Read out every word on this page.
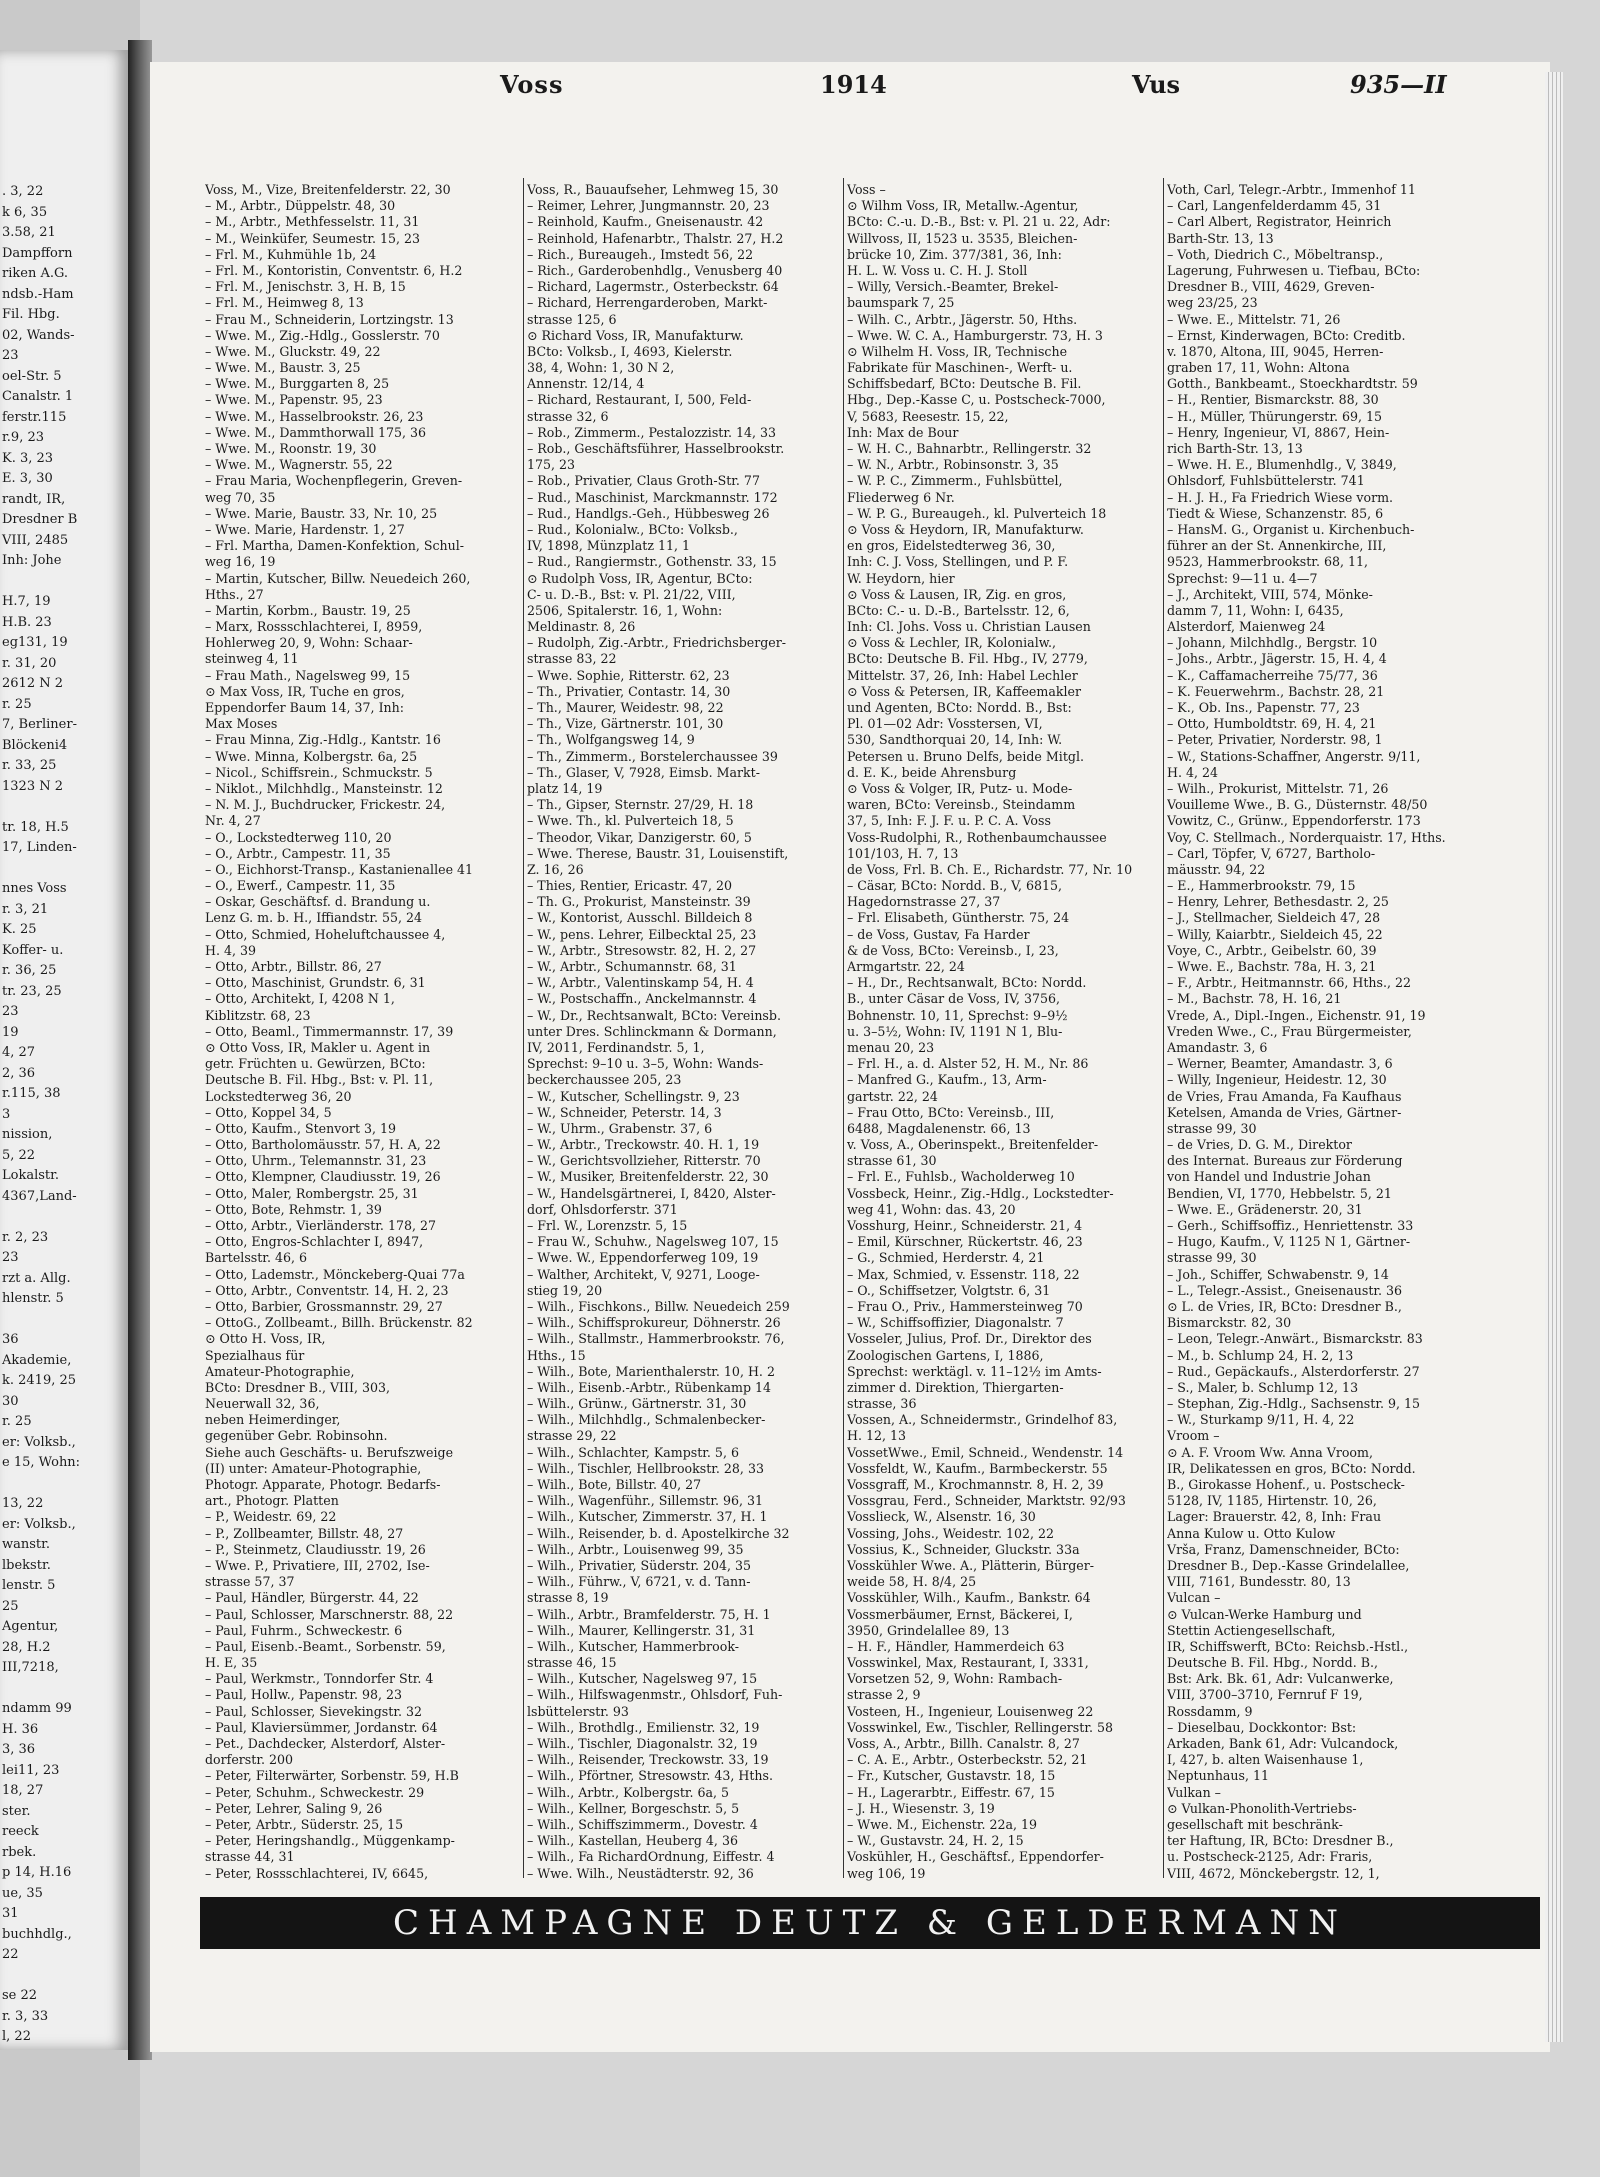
. 3, 22
k 6, 35
3.58, 21
Dampfforn
riken A.G.
ndsb.-Ham
Fil. Hbg.
02, Wands-
23
oel-Str. 5
Canalstr. 1
ferstr.115
r.9, 23
K. 3, 23
E. 3, 30
randt, IR,
Dresdner B
VIII, 2485
Inh: Johe

H.7, 19
H.B. 23
eg131, 19
r. 31, 20
2612 N 2
r. 25
7, Berliner-
Blöckeni4
r. 33, 25
1323 N 2

tr. 18, H.5
17, Linden-

nnes Voss
r. 3, 21
K. 25
Koffer- u.
r. 36, 25
tr. 23, 25
23
19
4, 27
2, 36
r.115, 38
3
nission,
5, 22
Lokalstr.
4367,Land-

r. 2, 23
23
rzt a. Allg.
hlenstr. 5

36
Akademie,
k. 2419, 25
30
r. 25
er: Volksb.,
e 15, Wohn:

13, 22
er: Volksb.,
wanstr.
lbekstr.
lenstr. 5
25
Agentur,
28, H.2
III,7218,

ndamm 99
H. 36
3, 36
lei11, 23
18, 27
ster.
reeck
rbek.
p 14, H.16
ue, 35
31
buchhdlg.,
22

se 22
r. 3, 33
l, 22

Voss	1914	Vus	935—II
Voss, M., Vize, Breitenfelderstr. 22, 30
– M., Arbtr., Düppelstr. 48, 30
– M., Arbtr., Methfesselstr. 11, 31
– M., Weinküfer, Seumestr. 15, 23
– Frl. M., Kuhmühle 1b, 24
– Frl. M., Kontoristin, Conventstr. 6, H.2
– Frl. M., Jenischstr. 3, H. B, 15
– Frl. M., Heimweg 8, 13
– Frau M., Schneiderin, Lortzingstr. 13
– Wwe. M., Zig.-Hdlg., Gosslerstr. 70
– Wwe. M., Gluckstr. 49, 22
– Wwe. M., Baustr. 3, 25
– Wwe. M., Burggarten 8, 25
– Wwe. M., Papenstr. 95, 23
– Wwe. M., Hasselbrookstr. 26, 23
– Wwe. M., Dammthorwall 175, 36
– Wwe. M., Roonstr. 19, 30
– Wwe. M., Wagnerstr. 55, 22
– Frau Maria, Wochenpflegerin, Greven-
weg 70, 35
– Wwe. Marie, Baustr. 33, Nr. 10, 25
– Wwe. Marie, Hardenstr. 1, 27
– Frl. Martha, Damen-Konfektion, Schul-
weg 16, 19
– Martin, Kutscher, Billw. Neuedeich 260,
Hths., 27
– Martin, Korbm., Baustr. 19, 25
– Marx, Rossschlachterei, I, 8959,
Hohlerweg 20, 9, Wohn: Schaar-
steinweg 4, 11
– Frau Math., Nagelsweg 99, 15
⊙ Max Voss, IR, Tuche en gros,
Eppendorfer Baum 14, 37, Inh:
Max Moses
– Frau Minna, Zig.-Hdlg., Kantstr. 16
– Wwe. Minna, Kolbergstr. 6a, 25
– Nicol., Schiffsrein., Schmuckstr. 5
– Niklot., Milchhdlg., Mansteinstr. 12
– N. M. J., Buchdrucker, Frickestr. 24,
Nr. 4, 27
– O., Lockstedterweg 110, 20
– O., Arbtr., Campestr. 11, 35
– O., Eichhorst-Transp., Kastanienallee 41
– O., Ewerf., Campestr. 11, 35
– Oskar, Geschäftsf. d. Brandung u.
Lenz G. m. b. H., Iffiandstr. 55, 24
– Otto, Schmied, Hoheluftchaussee 4,
H. 4, 39
– Otto, Arbtr., Billstr. 86, 27
– Otto, Maschinist, Grundstr. 6, 31
– Otto, Architekt, I, 4208 N 1,
Kiblitzstr. 68, 23
– Otto, Beaml., Timmermannstr. 17, 39
⊙ Otto Voss, IR, Makler u. Agent in
getr. Früchten u. Gewürzen, BCto:
Deutsche B. Fil. Hbg., Bst: v. Pl. 11,
Lockstedterweg 36, 20
– Otto, Koppel 34, 5
– Otto, Kaufm., Stenvort 3, 19
– Otto, Bartholomäusstr. 57, H. A, 22
– Otto, Uhrm., Telemannstr. 31, 23
– Otto, Klempner, Claudiusstr. 19, 26
– Otto, Maler, Rombergstr. 25, 31
– Otto, Bote, Rehmstr. 1, 39
– Otto, Arbtr., Vierländerstr. 178, 27
– Otto, Engros-Schlachter I, 8947,
Bartelsstr. 46, 6
– Otto, Lademstr., Mönckeberg-Quai 77a
– Otto, Arbtr., Conventstr. 14, H. 2, 23
– Otto, Barbier, Grossmannstr. 29, 27
– OttoG., Zollbeamt., Billh. Brückenstr. 82
⊙ Otto H. Voss, IR,
Spezialhaus für
Amateur-Photographie,
BCto: Dresdner B., VIII, 303,
Neuerwall 32, 36,
neben Heimerdinger,
gegenüber Gebr. Robinsohn.
Siehe auch Geschäfts- u. Berufszweige
(II) unter: Amateur-Photographie,
Photogr. Apparate, Photogr. Bedarfs-
art., Photogr. Platten
– P., Weidestr. 69, 22
– P., Zollbeamter, Billstr. 48, 27
– P., Steinmetz, Claudiusstr. 19, 26
– Wwe. P., Privatiere, III, 2702, Ise-
strasse 57, 37
– Paul, Händler, Bürgerstr. 44, 22
– Paul, Schlosser, Marschnerstr. 88, 22
– Paul, Fuhrm., Schweckestr. 6
– Paul, Eisenb.-Beamt., Sorbenstr. 59,
H. E, 35
– Paul, Werkmstr., Tonndorfer Str. 4
– Paul, Hollw., Papenstr. 98, 23
– Paul, Schlosser, Sievekingstr. 32
– Paul, Klaviersümmer, Jordanstr. 64
– Pet., Dachdecker, Alsterdorf, Alster-
dorferstr. 200
– Peter, Filterwärter, Sorbenstr. 59, H.B
– Peter, Schuhm., Schweckestr. 29
– Peter, Lehrer, Saling 9, 26
– Peter, Arbtr., Süderstr. 25, 15
– Peter, Heringshandlg., Müggenkamp-
strasse 44, 31
– Peter, Rossschlachterei, IV, 6645,
Voss, R., Bauaufseher, Lehmweg 15, 30
– Reimer, Lehrer, Jungmannstr. 20, 23
– Reinhold, Kaufm., Gneisenaustr. 42
– Reinhold, Hafenarbtr., Thalstr. 27, H.2
– Rich., Bureaugeh., Imstedt 56, 22
– Rich., Garderobenhdlg., Venusberg 40
– Richard, Lagermstr., Osterbeckstr. 64
– Richard, Herrengarderoben, Markt-
strasse 125, 6
⊙ Richard Voss, IR, Manufakturw.
BCto: Volksb., I, 4693, Kielerstr.
38, 4, Wohn: 1, 30 N 2,
Annenstr. 12/14, 4
– Richard, Restaurant, I, 500, Feld-
strasse 32, 6
– Rob., Zimmerm., Pestalozzistr. 14, 33
– Rob., Geschäftsführer, Hasselbrookstr.
175, 23
– Rob., Privatier, Claus Groth-Str. 77
– Rud., Maschinist, Marckmannstr. 172
– Rud., Handlgs.-Geh., Hübbesweg 26
– Rud., Kolonialw., BCto: Volksb.,
IV, 1898, Münzplatz 11, 1
– Rud., Rangiermstr., Gothenstr. 33, 15
⊙ Rudolph Voss, IR, Agentur, BCto:
C- u. D.-B., Bst: v. Pl. 21/22, VIII,
2506, Spitalerstr. 16, 1, Wohn:
Meldinastr. 8, 26
– Rudolph, Zig.-Arbtr., Friedrichsberger-
strasse 83, 22
– Wwe. Sophie, Ritterstr. 62, 23
– Th., Privatier, Contastr. 14, 30
– Th., Maurer, Weidestr. 98, 22
– Th., Vize, Gärtnerstr. 101, 30
– Th., Wolfgangsweg 14, 9
– Th., Zimmerm., Borstelerchaussee 39
– Th., Glaser, V, 7928, Eimsb. Markt-
platz 14, 19
– Th., Gipser, Sternstr. 27/29, H. 18
– Wwe. Th., kl. Pulverteich 18, 5
– Theodor, Vikar, Danzigerstr. 60, 5
– Wwe. Therese, Baustr. 31, Louisenstift,
Z. 16, 26
– Thies, Rentier, Ericastr. 47, 20
– Th. G., Prokurist, Mansteinstr. 39
– W., Kontorist, Ausschl. Billdeich 8
– W., pens. Lehrer, Eilbecktal 25, 23
– W., Arbtr., Stresowstr. 82, H. 2, 27
– W., Arbtr., Schumannstr. 68, 31
– W., Arbtr., Valentinskamp 54, H. 4
– W., Postschaffn., Anckelmannstr. 4
– W., Dr., Rechtsanwalt, BCto: Vereinsb.
unter Dres. Schlinckmann & Dormann,
IV, 2011, Ferdinandstr. 5, 1,
Sprechst: 9–10 u. 3–5, Wohn: Wands-
beckerchaussee 205, 23
– W., Kutscher, Schellingstr. 9, 23
– W., Schneider, Peterstr. 14, 3
– W., Uhrm., Grabenstr. 37, 6
– W., Arbtr., Treckowstr. 40. H. 1, 19
– W., Gerichtsvollzieher, Ritterstr. 70
– W., Musiker, Breitenfelderstr. 22, 30
– W., Handelsgärtnerei, I, 8420, Alster-
dorf, Ohlsdorferstr. 371
– Frl. W., Lorenzstr. 5, 15
– Frau W., Schuhw., Nagelsweg 107, 15
– Wwe. W., Eppendorferweg 109, 19
– Walther, Architekt, V, 9271, Looge-
stieg 19, 20
– Wilh., Fischkons., Billw. Neuedeich 259
– Wilh., Schiffsprokureur, Döhnerstr. 26
– Wilh., Stallmstr., Hammerbrookstr. 76,
Hths., 15
– Wilh., Bote, Marienthalerstr. 10, H. 2
– Wilh., Eisenb.-Arbtr., Rübenkamp 14
– Wilh., Grünw., Gärtnerstr. 31, 30
– Wilh., Milchhdlg., Schmalenbecker-
strasse 29, 22
– Wilh., Schlachter, Kampstr. 5, 6
– Wilh., Tischler, Hellbrookstr. 28, 33
– Wilh., Bote, Billstr. 40, 27
– Wilh., Wagenführ., Sillemstr. 96, 31
– Wilh., Kutscher, Zimmerstr. 37, H. 1
– Wilh., Reisender, b. d. Apostelkirche 32
– Wilh., Arbtr., Louisenweg 99, 35
– Wilh., Privatier, Süderstr. 204, 35
– Wilh., Führw., V, 6721, v. d. Tann-
strasse 8, 19
– Wilh., Arbtr., Bramfelderstr. 75, H. 1
– Wilh., Maurer, Kellingerstr. 31, 31
– Wilh., Kutscher, Hammerbrook-
strasse 46, 15
– Wilh., Kutscher, Nagelsweg 97, 15
– Wilh., Hilfswagenmstr., Ohlsdorf, Fuh-
lsbüttelerstr. 93
– Wilh., Brothdlg., Emilienstr. 32, 19
– Wilh., Tischler, Diagonalstr. 32, 19
– Wilh., Reisender, Treckowstr. 33, 19
– Wilh., Pförtner, Stresowstr. 43, Hths.
– Wilh., Arbtr., Kolbergstr. 6a, 5
– Wilh., Kellner, Borgeschstr. 5, 5
– Wilh., Schiffszimmerm., Dovestr. 4
– Wilh., Kastellan, Heuberg 4, 36
– Wilh., Fa RichardOrdnung, Eiffestr. 4
– Wwe. Wilh., Neustädterstr. 92, 36
Voss –
⊙ Wilhm Voss, IR, Metallw.-Agentur,
BCto: C.-u. D.-B., Bst: v. Pl. 21 u. 22, Adr:
Willvoss, II, 1523 u. 3535, Bleichen-
brücke 10, Zim. 377/381, 36, Inh:
H. L. W. Voss u. C. H. J. Stoll
– Willy, Versich.-Beamter, Brekel-
baumspark 7, 25
– Wilh. C., Arbtr., Jägerstr. 50, Hths.
– Wwe. W. C. A., Hamburgerstr. 73, H. 3
⊙ Wilhelm H. Voss, IR, Technische
Fabrikate für Maschinen-, Werft- u.
Schiffsbedarf, BCto: Deutsche B. Fil.
Hbg., Dep.-Kasse C, u. Postscheck-7000,
V, 5683, Reesestr. 15, 22,
Inh: Max de Bour
– W. H. C., Bahnarbtr., Rellingerstr. 32
– W. N., Arbtr., Robinsonstr. 3, 35
– W. P. C., Zimmerm., Fuhlsbüttel,
Fliederweg 6 Nr.
– W. P. G., Bureaugeh., kl. Pulverteich 18
⊙ Voss & Heydorn, IR, Manufakturw.
en gros, Eidelstedterweg 36, 30,
Inh: C. J. Voss, Stellingen, und P. F.
W. Heydorn, hier
⊙ Voss & Lausen, IR, Zig. en gros,
BCto: C.- u. D.-B., Bartelsstr. 12, 6,
Inh: Cl. Johs. Voss u. Christian Lausen
⊙ Voss & Lechler, IR, Kolonialw.,
BCto: Deutsche B. Fil. Hbg., IV, 2779,
Mittelstr. 37, 26, Inh: Habel Lechler
⊙ Voss & Petersen, IR, Kaffeemakler
und Agenten, BCto: Nordd. B., Bst:
Pl. 01—02 Adr: Vosstersen, VI,
530, Sandthorquai 20, 14, Inh: W.
Petersen u. Bruno Delfs, beide Mitgl.
d. E. K., beide Ahrensburg
⊙ Voss & Volger, IR, Putz- u. Mode-
waren, BCto: Vereinsb., Steindamm
37, 5, Inh: F. J. F. u. P. C. A. Voss
Voss-Rudolphi, R., Rothenbaumchaussee
101/103, H. 7, 13
de Voss, Frl. B. Ch. E., Richardstr. 77, Nr. 10
– Cäsar, BCto: Nordd. B., V, 6815,
Hagedornstrasse 27, 37
– Frl. Elisabeth, Güntherstr. 75, 24
– de Voss, Gustav, Fa Harder
& de Voss, BCto: Vereinsb., I, 23,
Armgartstr. 22, 24
– H., Dr., Rechtsanwalt, BCto: Nordd.
B., unter Cäsar de Voss, IV, 3756,
Bohnenstr. 10, 11, Sprechst: 9–9½
u. 3–5½, Wohn: IV, 1191 N 1, Blu-
menau 20, 23
– Frl. H., a. d. Alster 52, H. M., Nr. 86
– Manfred G., Kaufm., 13, Arm-
gartstr. 22, 24
– Frau Otto, BCto: Vereinsb., III,
6488, Magdalenenstr. 66, 13
v. Voss, A., Oberinspekt., Breitenfelder-
strasse 61, 30
– Frl. E., Fuhlsb., Wacholderweg 10
Vossbeck, Heinr., Zig.-Hdlg., Lockstedter-
weg 41, Wohn: das. 43, 20
Vosshurg, Heinr., Schneiderstr. 21, 4
– Emil, Kürschner, Rückertstr. 46, 23
– G., Schmied, Herderstr. 4, 21
– Max, Schmied, v. Essenstr. 118, 22
– O., Schiffsetzer, Volgtstr. 6, 31
– Frau O., Priv., Hammersteinweg 70
– W., Schiffsoffizier, Diagonalstr. 7
Vosseler, Julius, Prof. Dr., Direktor des
Zoologischen Gartens, I, 1886,
Sprechst: werktägl. v. 11–12½ im Amts-
zimmer d. Direktion, Thiergarten-
strasse, 36
Vossen, A., Schneidermstr., Grindelhof 83,
H. 12, 13
VossetWwe., Emil, Schneid., Wendenstr. 14
Vossfeldt, W., Kaufm., Barmbeckerstr. 55
Vossgraff, M., Krochmannstr. 8, H. 2, 39
Vossgrau, Ferd., Schneider, Marktstr. 92/93
Vosslieck, W., Alsenstr. 16, 30
Vossing, Johs., Weidestr. 102, 22
Vossius, K., Schneider, Gluckstr. 33a
Vosskühler Wwe. A., Plätterin, Bürger-
weide 58, H. 8/4, 25
Vosskühler, Wilh., Kaufm., Bankstr. 64
Vossmerbäumer, Ernst, Bäckerei, I,
3950, Grindelallee 89, 13
– H. F., Händler, Hammerdeich 63
Vosswinkel, Max, Restaurant, I, 3331,
Vorsetzen 52, 9, Wohn: Rambach-
strasse 2, 9
Vosteen, H., Ingenieur, Louisenweg 22
Vosswinkel, Ew., Tischler, Rellingerstr. 58
Voss, A., Arbtr., Billh. Canalstr. 8, 27
– C. A. E., Arbtr., Osterbeckstr. 52, 21
– Fr., Kutscher, Gustavstr. 18, 15
– H., Lagerarbtr., Eiffestr. 67, 15
– J. H., Wiesenstr. 3, 19
– Wwe. M., Eichenstr. 22a, 19
– W., Gustavstr. 24, H. 2, 15
Voskühler, H., Geschäftsf., Eppendorfer-
weg 106, 19
Voth, Carl, Telegr.-Arbtr., Immenhof 11
– Carl, Langenfelderdamm 45, 31
– Carl Albert, Registrator, Heinrich
Barth-Str. 13, 13
– Voth, Diedrich C., Möbeltransp.,
Lagerung, Fuhrwesen u. Tiefbau, BCto:
Dresdner B., VIII, 4629, Greven-
weg 23/25, 23
– Wwe. E., Mittelstr. 71, 26
– Ernst, Kinderwagen, BCto: Creditb.
v. 1870, Altona, III, 9045, Herren-
graben 17, 11, Wohn: Altona
Gotth., Bankbeamt., Stoeckhardtstr. 59
– H., Rentier, Bismarckstr. 88, 30
– H., Müller, Thürungerstr. 69, 15
– Henry, Ingenieur, VI, 8867, Hein-
rich Barth-Str. 13, 13
– Wwe. H. E., Blumenhdlg., V, 3849,
Ohlsdorf, Fuhlsbüttelerstr. 741
– H. J. H., Fa Friedrich Wiese vorm.
Tiedt & Wiese, Schanzenstr. 85, 6
– HansM. G., Organist u. Kirchenbuch-
führer an der St. Annenkirche, III,
9523, Hammerbrookstr. 68, 11,
Sprechst: 9—11 u. 4—7
– J., Architekt, VIII, 574, Mönke-
damm 7, 11, Wohn: I, 6435,
Alsterdorf, Maienweg 24
– Johann, Milchhdlg., Bergstr. 10
– Johs., Arbtr., Jägerstr. 15, H. 4, 4
– K., Caffamacherreihe 75/77, 36
– K. Feuerwehrm., Bachstr. 28, 21
– K., Ob. Ins., Papenstr. 77, 23
– Otto, Humboldtstr. 69, H. 4, 21
– Peter, Privatier, Norderstr. 98, 1
– W., Stations-Schaffner, Angerstr. 9/11,
H. 4, 24
– Wilh., Prokurist, Mittelstr. 71, 26
Vouilleme Wwe., B. G., Düsternstr. 48/50
Vowitz, C., Grünw., Eppendorferstr. 173
Voy, C. Stellmach., Norderquaistr. 17, Hths.
– Carl, Töpfer, V, 6727, Bartholo-
mäusstr. 94, 22
– E., Hammerbrookstr. 79, 15
– Henry, Lehrer, Bethesdastr. 2, 25
– J., Stellmacher, Sieldeich 47, 28
– Willy, Kaiarbtr., Sieldeich 45, 22
Voye, C., Arbtr., Geibelstr. 60, 39
– Wwe. E., Bachstr. 78a, H. 3, 21
– F., Arbtr., Heitmannstr. 66, Hths., 22
– M., Bachstr. 78, H. 16, 21
Vrede, A., Dipl.-Ingen., Eichenstr. 91, 19
Vreden Wwe., C., Frau Bürgermeister,
Amandastr. 3, 6
– Werner, Beamter, Amandastr. 3, 6
– Willy, Ingenieur, Heidestr. 12, 30
de Vries, Frau Amanda, Fa Kaufhaus
Ketelsen, Amanda de Vries, Gärtner-
strasse 99, 30
– de Vries, D. G. M., Direktor
des Internat. Bureaus zur Förderung
von Handel und Industrie Johan
Bendien, VI, 1770, Hebbelstr. 5, 21
– Wwe. E., Grädenerstr. 20, 31
– Gerh., Schiffsoffiz., Henriettenstr. 33
– Hugo, Kaufm., V, 1125 N 1, Gärtner-
strasse 99, 30
– Joh., Schiffer, Schwabenstr. 9, 14
– L., Telegr.-Assist., Gneisenaustr. 36
⊙ L. de Vries, IR, BCto: Dresdner B.,
Bismarckstr. 82, 30
– Leon, Telegr.-Anwärt., Bismarckstr. 83
– M., b. Schlump 24, H. 2, 13
– Rud., Gepäckaufs., Alsterdorferstr. 27
– S., Maler, b. Schlump 12, 13
– Stephan, Zig.-Hdlg., Sachsenstr. 9, 15
– W., Sturkamp 9/11, H. 4, 22
Vroom –
⊙ A. F. Vroom Ww. Anna Vroom,
IR, Delikatessen en gros, BCto: Nordd.
B., Girokasse Hohenf., u. Postscheck-
5128, IV, 1185, Hirtenstr. 10, 26,
Lager: Brauerstr. 42, 8, Inh: Frau
Anna Kulow u. Otto Kulow
Vrša, Franz, Damenschneider, BCto:
Dresdner B., Dep.-Kasse Grindelallee,
VIII, 7161, Bundesstr. 80, 13
Vulcan –
⊙ Vulcan-Werke Hamburg und
Stettin Actiengesellschaft,
IR, Schiffswerft, BCto: Reichsb.-Hstl.,
Deutsche B. Fil. Hbg., Nordd. B.,
Bst: Ark. Bk. 61, Adr: Vulcanwerke,
VIII, 3700–3710, Fernruf F 19,
Rossdamm, 9
– Dieselbau, Dockkontor: Bst:
Arkaden, Bank 61, Adr: Vulcandock,
I, 427, b. alten Waisenhause 1,
Neptunhaus, 11
Vulkan –
⊙ Vulkan-Phonolith-Vertriebs-
gesellschaft mit beschränk-
ter Haftung, IR, BCto: Dresdner B.,
u. Postscheck-2125, Adr: Fraris,
VIII, 4672, Mönckebergstr. 12, 1,
CHAMPAGNE DEUTZ & GELDERMANN
